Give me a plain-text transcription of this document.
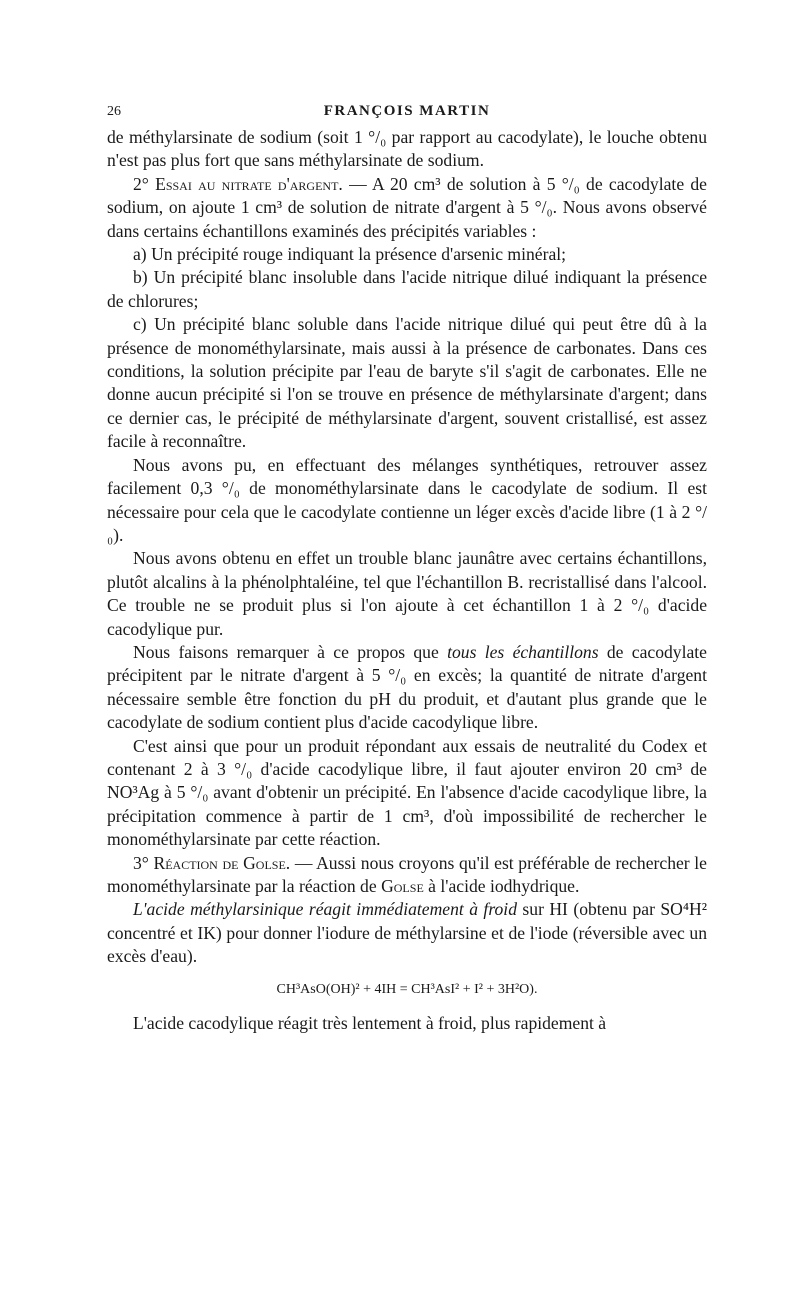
26	FRANÇOIS MARTIN

de méthylarsinate de sodium (soit 1 °/₀ par rapport au cacodylate), le louche obtenu n'est pas plus fort que sans méthylarsinate de sodium.

2° Essai au nitrate d'argent. — A 20 cm³ de solution à 5 °/₀ de cacodylate de sodium, on ajoute 1 cm³ de solution de nitrate d'argent à 5 °/₀. Nous avons observé dans certains échantillons examinés des précipités variables :

a) Un précipité rouge indiquant la présence d'arsenic minéral;

b) Un précipité blanc insoluble dans l'acide nitrique dilué indiquant la présence de chlorures;

c) Un précipité blanc soluble dans l'acide nitrique dilué qui peut être dû à la présence de monométhylarsinate, mais aussi à la présence de carbonates. Dans ces conditions, la solution précipite par l'eau de baryte s'il s'agit de carbonates. Elle ne donne aucun précipité si l'on se trouve en présence de méthylarsinate d'argent; dans ce dernier cas, le précipité de méthylarsinate d'argent, souvent cristallisé, est assez facile à reconnaître.

Nous avons pu, en effectuant des mélanges synthétiques, retrouver assez facilement 0,3 °/₀ de monométhylarsinate dans le cacodylate de sodium. Il est nécessaire pour cela que le cacodylate contienne un léger excès d'acide libre (1 à 2 °/₀).

Nous avons obtenu en effet un trouble blanc jaunâtre avec certains échantillons, plutôt alcalins à la phénolphtaléine, tel que l'échantillon B. recristallisé dans l'alcool. Ce trouble ne se produit plus si l'on ajoute à cet échantillon 1 à 2 °/₀ d'acide cacodylique pur.

Nous faisons remarquer à ce propos que tous les échantillons de cacodylate précipitent par le nitrate d'argent à 5 °/₀ en excès; la quantité de nitrate d'argent nécessaire semble être fonction du pH du produit, et d'autant plus grande que le cacodylate de sodium contient plus d'acide cacodylique libre.

C'est ainsi que pour un produit répondant aux essais de neutralité du Codex et contenant 2 à 3 °/₀ d'acide cacodylique libre, il faut ajouter environ 20 cm³ de NO³Ag à 5 °/₀ avant d'obtenir un précipité. En l'absence d'acide cacodylique libre, la précipitation commence à partir de 1 cm³, d'où impossibilité de rechercher le monométhylarsinate par cette réaction.

3° Réaction de Golse. — Aussi nous croyons qu'il est préférable de rechercher le monométhylarsinate par la réaction de Golse à l'acide iodhydrique.

L'acide méthylarsinique réagit immédiatement à froid sur HI (obtenu par SO⁴H² concentré et IK) pour donner l'iodure de méthylarsine et de l'iode (réversible avec un excès d'eau).

CH³AsO(OH)² + 4IH = CH³AsI² + I² + 3H²O).

L'acide cacodylique réagit très lentement à froid, plus rapidement à
